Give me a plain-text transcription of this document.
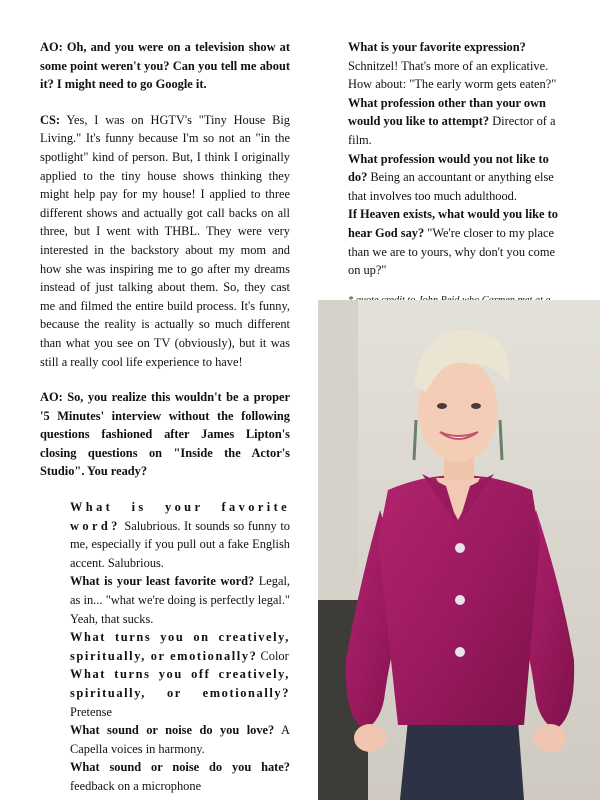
AO: Oh, and you were on a television show at some point weren't you? Can you tell me about it? I might need to go Google it.

CS: Yes, I was on HGTV's "Tiny House Big Living." It's funny because I'm so not an "in the spotlight" kind of person. But, I think I originally applied to the tiny house shows thinking they might help pay for my house! I applied to three different shows and actually got call backs on all three, but I went with THBL. They were very interested in the backstory about my mom and how she was inspiring me to go after my dreams instead of just talking about them. So, they cast me and filmed the entire build process. It's funny, because the reality is actually so much different than what you see on TV (obviously), but it was still a really cool life experience to have!

AO: So, you realize this wouldn't be a proper '5 Minutes' interview without the following questions fashioned after James Lipton's closing questions on "Inside the Actor's Studio". You ready?

What is your favorite word? Salubrious. It sounds so funny to me, especially if you pull out a fake English accent. Salubrious.

What is your least favorite word? Legal, as in... "what we're doing is perfectly legal." Yeah, that sucks.

What turns you on creatively, spiritually, or emotionally? Color

What turns you off creatively, spiritually, or emotionally? Pretense

What sound or noise do you love? A Capella voices in harmony.

What sound or noise do you hate? feedback on a microphone

What is your favorite expression? Schnitzel! That's more of an explicative. How about: "The early worm gets eaten?"

What profession other than your own would you like to attempt? Director of a film.

What profession would you not like to do? Being an accountant or anything else that involves too much adulthood.

If Heaven exists, what would you like to hear God say? "We're closer to my place than we are to yours, why don't you come on up?"
